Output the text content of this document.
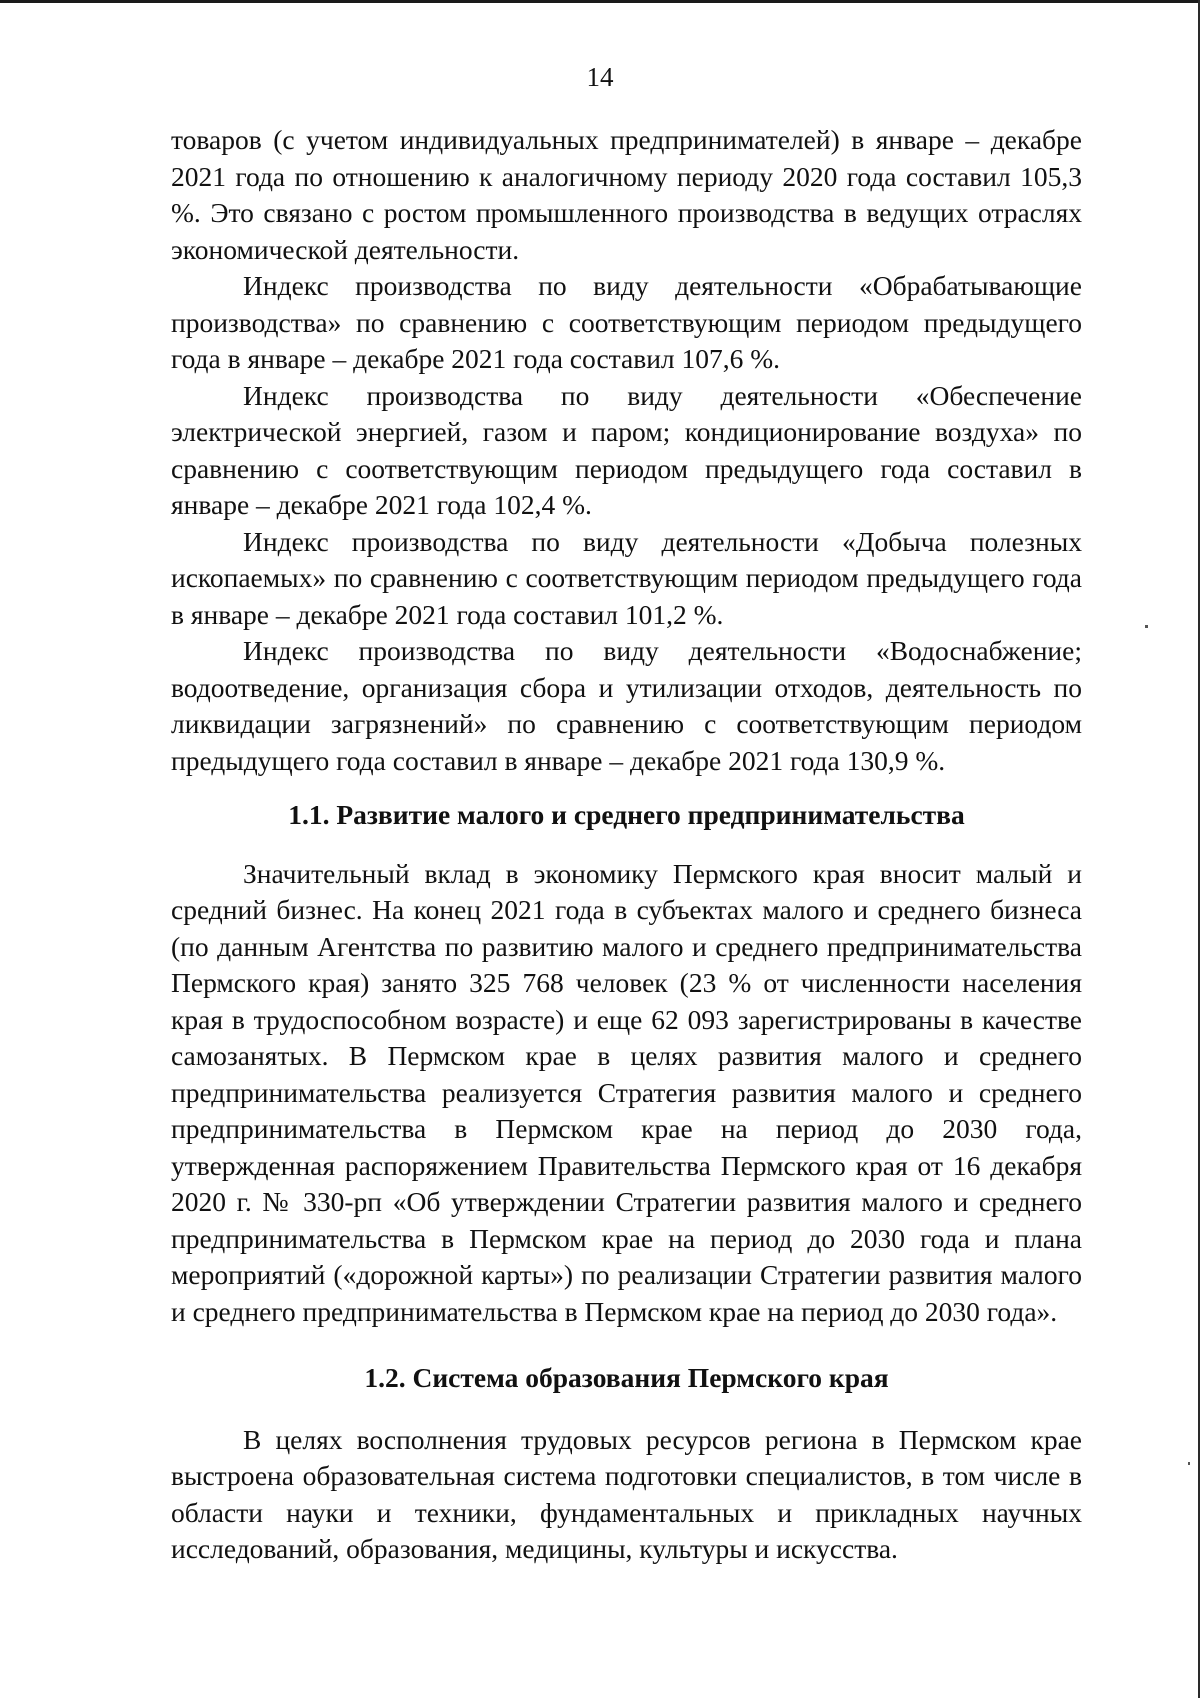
14

товаров (с учетом индивидуальных предпринимателей) в январе – декабре 2021 года по отношению к аналогичному периоду 2020 года составил 105,3 %. Это связано с ростом промышленного производства в ведущих отраслях экономической деятельности.

Индекс производства по виду деятельности «Обрабатывающие производства» по сравнению с соответствующим периодом предыдущего года в январе – декабре 2021 года составил 107,6 %.

Индекс производства по виду деятельности «Обеспечение электрической энергией, газом и паром; кондиционирование воздуха» по сравнению с соответствующим периодом предыдущего года составил в январе – декабре 2021 года 102,4 %.

Индекс производства по виду деятельности «Добыча полезных ископаемых» по сравнению с соответствующим периодом предыдущего года в январе – декабре 2021 года составил 101,2 %.

Индекс производства по виду деятельности «Водоснабжение; водоотведение, организация сбора и утилизации отходов, деятельность по ликвидации загрязнений» по сравнению с соответствующим периодом предыдущего года составил в январе – декабре 2021 года 130,9 %.

1.1. Развитие малого и среднего предпринимательства

Значительный вклад в экономику Пермского края вносит малый и средний бизнес. На конец 2021 года в субъектах малого и среднего бизнеса (по данным Агентства по развитию малого и среднего предпринимательства Пермского края) занято 325 768 человек (23 % от численности населения края в трудоспособном возрасте) и еще 62 093 зарегистрированы в качестве самозанятых. В Пермском крае в целях развития малого и среднего предпринимательства реализуется Стратегия развития малого и среднего предпринимательства в Пермском крае на период до 2030 года, утвержденная распоряжением Правительства Пермского края от 16 декабря 2020 г. № 330-рп «Об утверждении Стратегии развития малого и среднего предпринимательства в Пермском крае на период до 2030 года и плана мероприятий («дорожной карты») по реализации Стратегии развития малого и среднего предпринимательства в Пермском крае на период до 2030 года».

1.2. Система образования Пермского края

В целях восполнения трудовых ресурсов региона в Пермском крае выстроена образовательная система подготовки специалистов, в том числе в области науки и техники, фундаментальных и прикладных научных исследований, образования, медицины, культуры и искусства.
